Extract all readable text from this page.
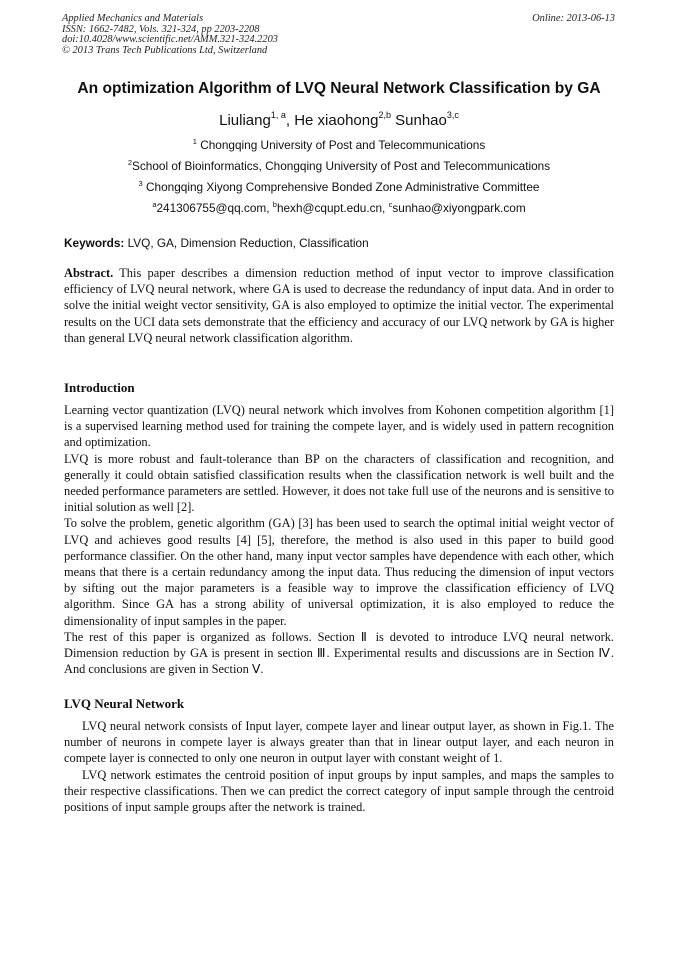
Applied Mechanics and Materials
ISSN: 1662-7482, Vols. 321-324, pp 2203-2208
doi:10.4028/www.scientific.net/AMM.321-324.2203
© 2013 Trans Tech Publications Ltd, Switzerland
Online: 2013-06-13
An optimization Algorithm of LVQ Neural Network Classification by GA
Liuliang$^{1, a}$, He xiaohong$^{2,b}$ Sunhao$^{3,c}$
$^1$ Chongqing University of Post and Telecommunications
$^2$School of Bioinformatics, Chongqing University of Post and Telecommunications
$^3$ Chongqing Xiyong Comprehensive Bonded Zone Administrative Committee
$^a$241306755@qq.com, $^b$hexh@cqupt.edu.cn, $^c$sunhao@xiyongpark.com
Keywords: LVQ, GA, Dimension Reduction, Classification

Abstract. This paper describes a dimension reduction method of input vector to improve classification efficiency of LVQ neural network, where GA is used to decrease the redundancy of input data. And in order to solve the initial weight vector sensitivity, GA is also employed to optimize the initial vector. The experimental results on the UCI data sets demonstrate that the efficiency and accuracy of our LVQ network by GA is higher than general LVQ neural network classification algorithm.

Introduction

Learning vector quantization (LVQ) neural network which involves from Kohonen competition algorithm [1] is a supervised learning method used for training the compete layer, and is widely used in pattern recognition and optimization.

LVQ is more robust and fault-tolerance than BP on the characters of classification and recognition, and generally it could obtain satisfied classification results when the classification network is well built and the needed performance parameters are settled. However, it does not take full use of the neurons and is sensitive to initial solution as well [2].

To solve the problem, genetic algorithm (GA) [3] has been used to search the optimal initial weight vector of LVQ and achieves good results [4] [5], therefore, the method is also used in this paper to build good performance classifier. On the other hand, many input vector samples have dependence with each other, which means that there is a certain redundancy among the input data. Thus reducing the dimension of input vectors by sifting out the major parameters is a feasible way to improve the classification efficiency of LVQ algorithm. Since GA has a strong ability of universal optimization, it is also employed to reduce the dimensionality of input samples in the paper.

The rest of this paper is organized as follows. Section Ⅱ is devoted to introduce LVQ neural network. Dimension reduction by GA is present in section Ⅲ. Experimental results and discussions are in Section Ⅳ. And conclusions are given in Section Ⅴ.

LVQ Neural Network

LVQ neural network consists of Input layer, compete layer and linear output layer, as shown in Fig.1. The number of neurons in compete layer is always greater than that in linear output layer, and each neuron in compete layer is connected to only one neuron in output layer with constant weight of 1.

LVQ network estimates the centroid position of input groups by input samples, and maps the samples to their respective classifications. Then we can predict the correct category of input sample through the centroid positions of input sample groups after the network is trained.
